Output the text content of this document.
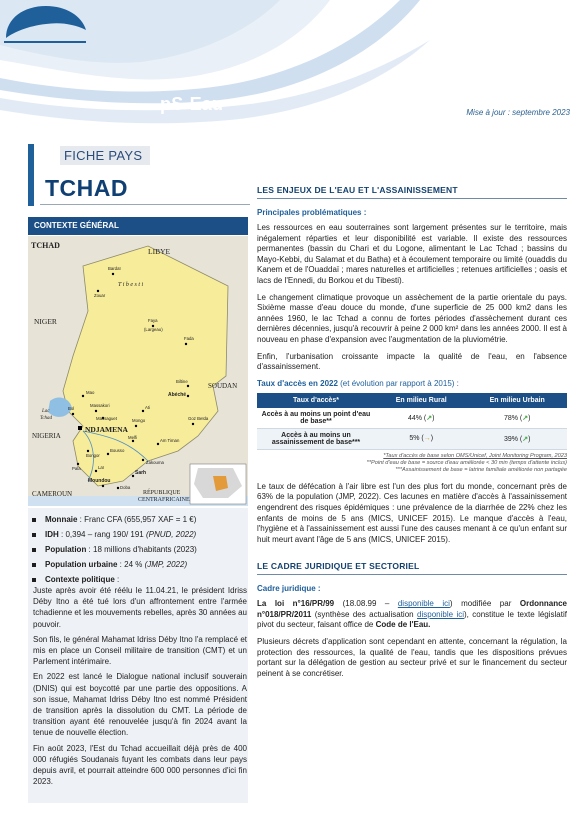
pS-Eau	Mise à jour : septembre 2023
FICHE PAYS
TCHAD
CONTEXTE GÉNÉRAL
TCHAD
LIBYE
NIGER
SOUDAN
NIGERIA
CAMEROUN	RÉPUBLIQUE
CENTRAFRICAINE
Lac
Tchad
T i b e s t i
NDJAMENA
Bardaï
Zouar
Faya
(Largeau)
Fada
Biltine
Abéché
Mao
Bol
Massakori
Massaguet	Mongo
Ati
Goz Beïda
Melfi
Am Timan
Bongor
Bousso
Zakouma
Sarh
Moundou
Doba
Pala	Laï
Monnaie : Franc CFA (655,957 XAF = 1 €)
IDH : 0,394 – rang 190/ 191 (PNUD, 2022)
Population : 18 millions d'habitants (2023)
Population urbaine : 24 % (JMP, 2022)
Contexte politique :

Juste après avoir été réélu le 11.04.21, le président Idriss Déby Itno a été tué lors d'un affrontement entre l'armée tchadienne et les mouvements rebelles, après 30 années au pouvoir.

Son fils, le général Mahamat Idriss Déby Itno l'a remplacé et mis en place un Conseil militaire de transition (CMT) et un Parlement intérimaire.

En 2022 est lancé le Dialogue national inclusif souverain (DNIS) qui est boycotté par une partie des oppositions. A son issue, Mahamat Idriss Déby Itno est nommé Président de transition après la dissolution du CMT. La période de transition ayant été renouvelée jusqu'à fin 2024 avant la tenue de nouvelle élection.

Fin août 2023, l'Est du Tchad accueillait déjà près de 400 000 réfugiés Soudanais fuyant les combats dans leur pays depuis avril, et pourrait atteindre 600 000 personnes d'ici fin 2023.

LES ENJEUX DE L'EAU ET L'ASSAINISSEMENT
Principales problématiques :

Les ressources en eau souterraines sont largement présentes sur le territoire, mais inégalement réparties et leur disponibilité est variable. Il existe des ressources permanentes (bassin du Chari et du Logone, alimentant le Lac Tchad ; bassins du Mayo-Kebbi, du Salamat et du Batha) et à écoulement temporaire ou limité (ouaddis du Kanem et de l'Ouaddaï ; mares naturelles et artificielles ; retenues artificielles ; oasis et lacs de l'Ennedi, du Borkou et du Tibesti).

Le changement climatique provoque un assèchement de la partie orientale du pays. Sixième masse d'eau douce du monde, d'une superficie de 25 000 km2 dans les années 1960, le lac Tchad a connu de fortes périodes d'assèchement durant ces dernières décennies, jusqu'à recouvrir à peine 2 000 km² dans les années 2000. Il est à nouveau en phase d'expansion avec l'augmentation de la pluviométrie.

Enfin, l'urbanisation croissante impacte la qualité de l'eau, en l'absence d'assainissement.

Taux d'accès en 2022 (et évolution par rapport à 2015) :
Taux d'accès*	En milieu Rural	En milieu Urbain
Accès à au moins un point d'eau de base**	44% (↗)	78% (↗)
Accès à au moins un assainissement de base***	5% (→)	39% (↗)
*Taux d'accès de base selon OMS/Unicef, Joint Monitoring Program, 2023
**Point d'eau de base = source d'eau améliorée < 30 min (temps d'attente inclus)
***Assainissement de base = latrine familiale améliorée non partagée

Le taux de défécation à l'air libre est l'un des plus fort du monde, concernant près de 63% de la population (JMP, 2022). Ces lacunes en matière d'accès à l'assainissement engendrent des risques épidémiques : une prévalence de la diarrhée de 22% chez les enfants de moins de 5 ans (MICS, UNICEF 2015). Le manque d'accès à l'eau, l'hygiène et à l'assainissement est aussi l'une des causes menant à ce qu'un enfant sur huit meurt avant l'âge de 5 ans (MICS, UNICEF 2015).

LE CADRE JURIDIQUE ET SECTORIEL
Cadre juridique :

La loi n°16/PR/99 (18.08.99 – disponible ici) modifiée par Ordonnance n°018/PR/2011 (synthèse des actualisation disponible ici), constitue le texte législatif pivot du secteur, faisant office de Code de l'Eau.

Plusieurs décrets d'application sont cependant en attente, concernant la régulation, la protection des ressources, la qualité de l'eau, tandis que les dispositions prévues portant sur la délégation de gestion au secteur privé et sur le financement du secteur peinent à se concrétiser.
